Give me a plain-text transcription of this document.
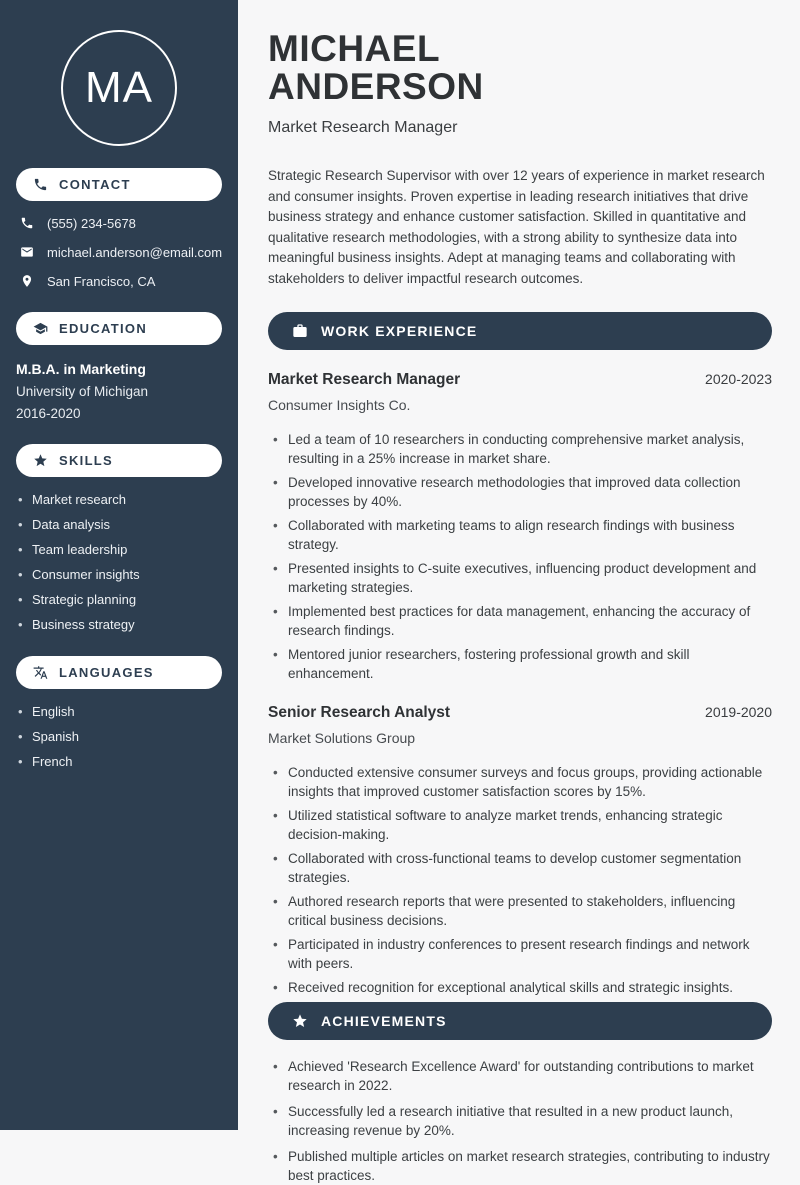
MA
CONTACT
(555) 234-5678
michael.anderson@email.com
San Francisco, CA
EDUCATION
M.B.A. in Marketing
University of Michigan
2016-2020
SKILLS
• Market research
• Data analysis
• Team leadership
• Consumer insights
• Strategic planning
• Business strategy
LANGUAGES
• English
• Spanish
• French
MICHAEL
ANDERSON
Market Research Manager

Strategic Research Supervisor with over 12 years of experience in market research and consumer insights. Proven expertise in leading research initiatives that drive business strategy and enhance customer satisfaction. Skilled in quantitative and qualitative research methodologies, with a strong ability to synthesize data into meaningful business insights. Adept at managing teams and collaborating with stakeholders to deliver impactful research outcomes.

WORK EXPERIENCE
Market Research Manager	2020-2023
Consumer Insights Co.
• Led a team of 10 researchers in conducting comprehensive market analysis, resulting in a 25% increase in market share.
• Developed innovative research methodologies that improved data collection processes by 40%.
• Collaborated with marketing teams to align research findings with business strategy.
• Presented insights to C-suite executives, influencing product development and marketing strategies.
• Implemented best practices for data management, enhancing the accuracy of research findings.
• Mentored junior researchers, fostering professional growth and skill enhancement.
Senior Research Analyst	2019-2020
Market Solutions Group
• Conducted extensive consumer surveys and focus groups, providing actionable insights that improved customer satisfaction scores by 15%.
• Utilized statistical software to analyze market trends, enhancing strategic decision-making.
• Collaborated with cross-functional teams to develop customer segmentation strategies.
• Authored research reports that were presented to stakeholders, influencing critical business decisions.
• Participated in industry conferences to present research findings and network with peers.
• Received recognition for exceptional analytical skills and strategic insights.
ACHIEVEMENTS
• Achieved 'Research Excellence Award' for outstanding contributions to market research in 2022.
• Successfully led a research initiative that resulted in a new product launch, increasing revenue by 20%.
• Published multiple articles on market research strategies, contributing to industry best practices.
